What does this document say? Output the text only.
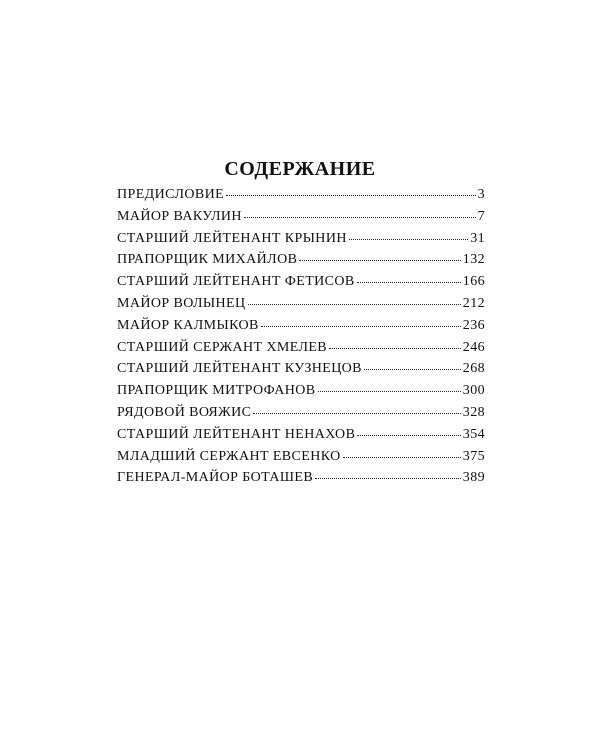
СОДЕРЖАНИЕ
ПРЕДИСЛОВИЕ	3
МАЙОР ВАКУЛИН	7
СТАРШИЙ ЛЕЙТЕНАНТ КРЫНИН	31
ПРАПОРЩИК МИХАЙЛОВ	132
СТАРШИЙ ЛЕЙТЕНАНТ ФЕТИСОВ	166
МАЙОР ВОЛЫНЕЦ	212
МАЙОР КАЛМЫКОВ	236
СТАРШИЙ СЕРЖАНТ ХМЕЛЕВ	246
СТАРШИЙ ЛЕЙТЕНАНТ КУЗНЕЦОВ	268
ПРАПОРЩИК МИТРОФАНОВ	300
РЯДОВОЙ ВОЯЖИС	328
СТАРШИЙ ЛЕЙТЕНАНТ НЕНАХОВ	354
МЛАДШИЙ СЕРЖАНТ ЕВСЕНКО	375
ГЕНЕРАЛ-МАЙОР БОТАШЕВ	389
